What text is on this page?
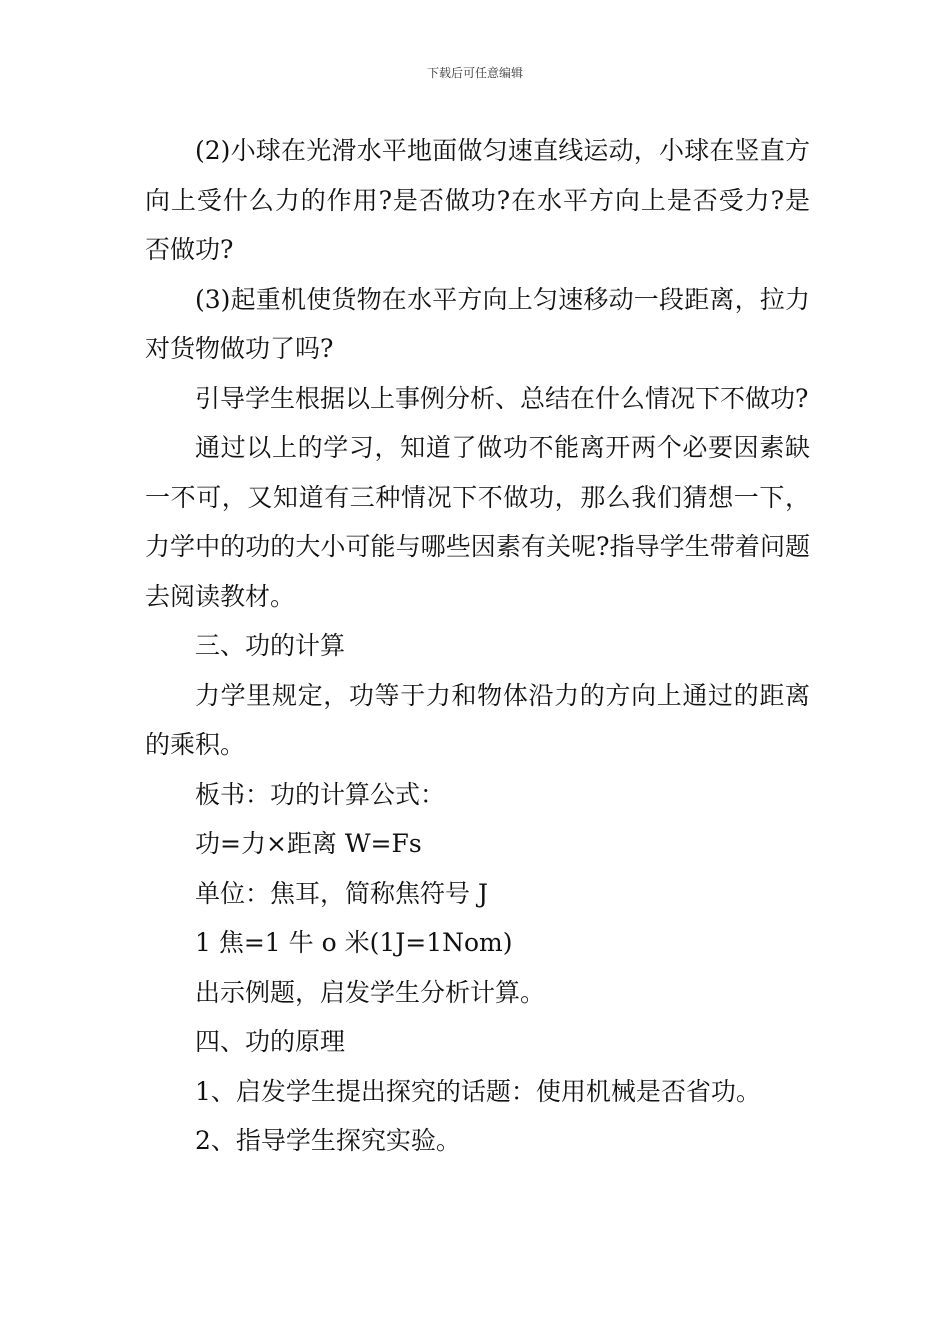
下载后可任意编辑

(2)小球在光滑水平地面做匀速直线运动，小球在竖直方向上受什么力的作用?是否做功?在水平方向上是否受力?是否做功?

(3)起重机使货物在水平方向上匀速移动一段距离，拉力对货物做功了吗?

引导学生根据以上事例分析、总结在什么情况下不做功?

通过以上的学习，知道了做功不能离开两个必要因素缺一不可，又知道有三种情况下不做功，那么我们猜想一下，力学中的功的大小可能与哪些因素有关呢?指导学生带着问题去阅读教材。

三、功的计算

力学里规定，功等于力和物体沿力的方向上通过的距离的乘积。

板书：功的计算公式：

功=力×距离 W=Fs

单位：焦耳，简称焦符号 J

1 焦=1 牛 o 米(1J=1Nom)

出示例题，启发学生分析计算。

四、功的原理

1、启发学生提出探究的话题：使用机械是否省功。

2、指导学生探究实验。
